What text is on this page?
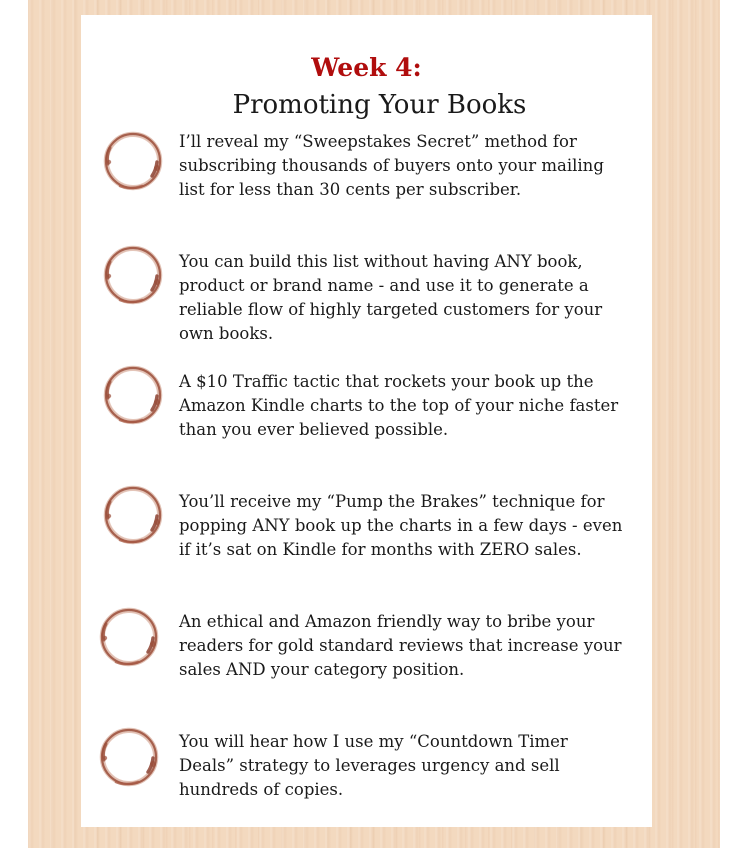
Week 4:
Promoting Your Books

I’ll reveal my “Sweepstakes Secret” method for subscribing thousands of buyers onto your mailing list for less than 30 cents per subscriber.

You can build this list without having ANY book, product or brand name - and use it to generate a reliable flow of highly targeted customers for your own books.

A $10 Traffic tactic that rockets your book up the Amazon Kindle charts to the top of your niche faster than you ever believed possible.

You’ll receive my “Pump the Brakes” technique for popping ANY book up the charts in a few days - even if it’s sat on Kindle for months with ZERO sales.

An ethical and Amazon friendly way to bribe your readers for gold standard reviews that increase your sales AND your category position.

You will hear how I use my “Countdown Timer Deals” strategy to leverages urgency and sell hundreds of copies.
